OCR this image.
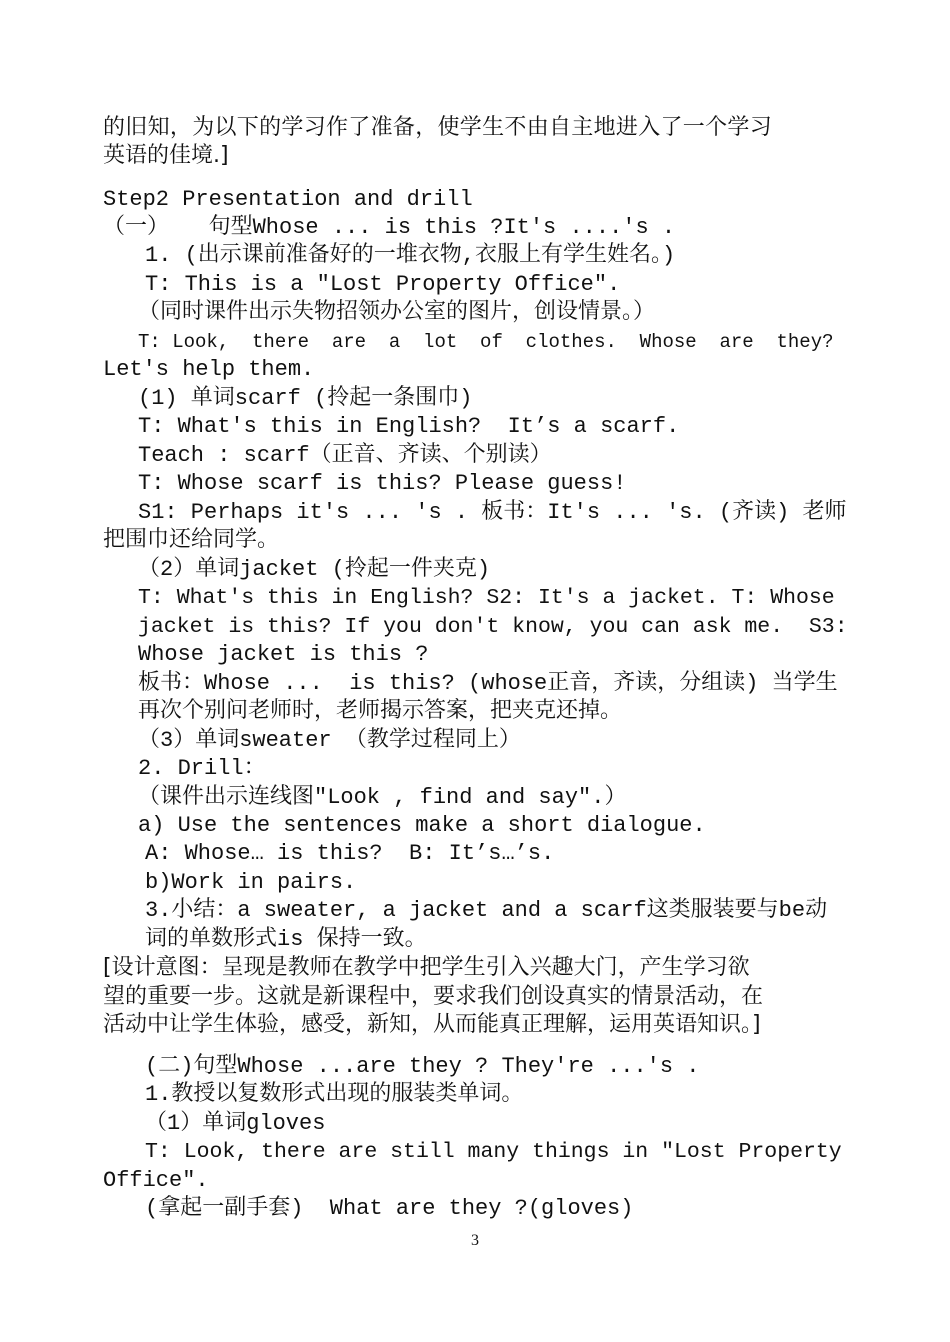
的旧知，为以下的学习作了准备，使学生不由自主地进入了一个学习
英语的佳境.]
Step2 Presentation and drill
（一）   句型Whose ... is this ?It's ....'s .
1. (出示课前准备好的一堆衣物,衣服上有学生姓名。)
T: This is a "Lost Property Office".
（同时课件出示失物招领办公室的图片，创设情景。）
T: Look,  there  are  a  lot  of  clothes.  Whose  are  they?
Let's help them.
(1) 单词scarf (拎起一条围巾)
T: What's this in English?  It’s a scarf.
Teach : scarf（正音、齐读、个别读）
T: Whose scarf is this? Please guess!
S1: Perhaps it's ... 's . 板书：It's ... 's. (齐读) 老师
把围巾还给同学。
（2）单词jacket (拎起一件夹克)
T: What's this in English? S2: It's a jacket. T: Whose
jacket is this? If you don't know, you can ask me.  S3:
Whose jacket is this ?
板书：Whose ...  is this? (whose正音，齐读，分组读) 当学生
再次个别问老师时，老师揭示答案，把夹克还掉。
（3）单词sweater （教学过程同上）
2. Drill：
（课件出示连线图"Look , find and say".）
a) Use the sentences make a short dialogue.
A: Whose… is this?  B: It’s…’s.
b)Work in pairs.
3.小结：a sweater, a jacket and a scarf这类服装要与be动
词的单数形式is 保持一致。
[设计意图：呈现是教师在教学中把学生引入兴趣大门，产生学习欲
望的重要一步。这就是新课程中，要求我们创设真实的情景活动，在
活动中让学生体验，感受，新知，从而能真正理解，运用英语知识。]
(二)句型Whose ...are they ? They're ...'s .
1.教授以复数形式出现的服装类单词。
（1）单词gloves
T: Look, there are still many things in "Lost Property
Office".
(拿起一副手套)  What are they ?(gloves)
3
